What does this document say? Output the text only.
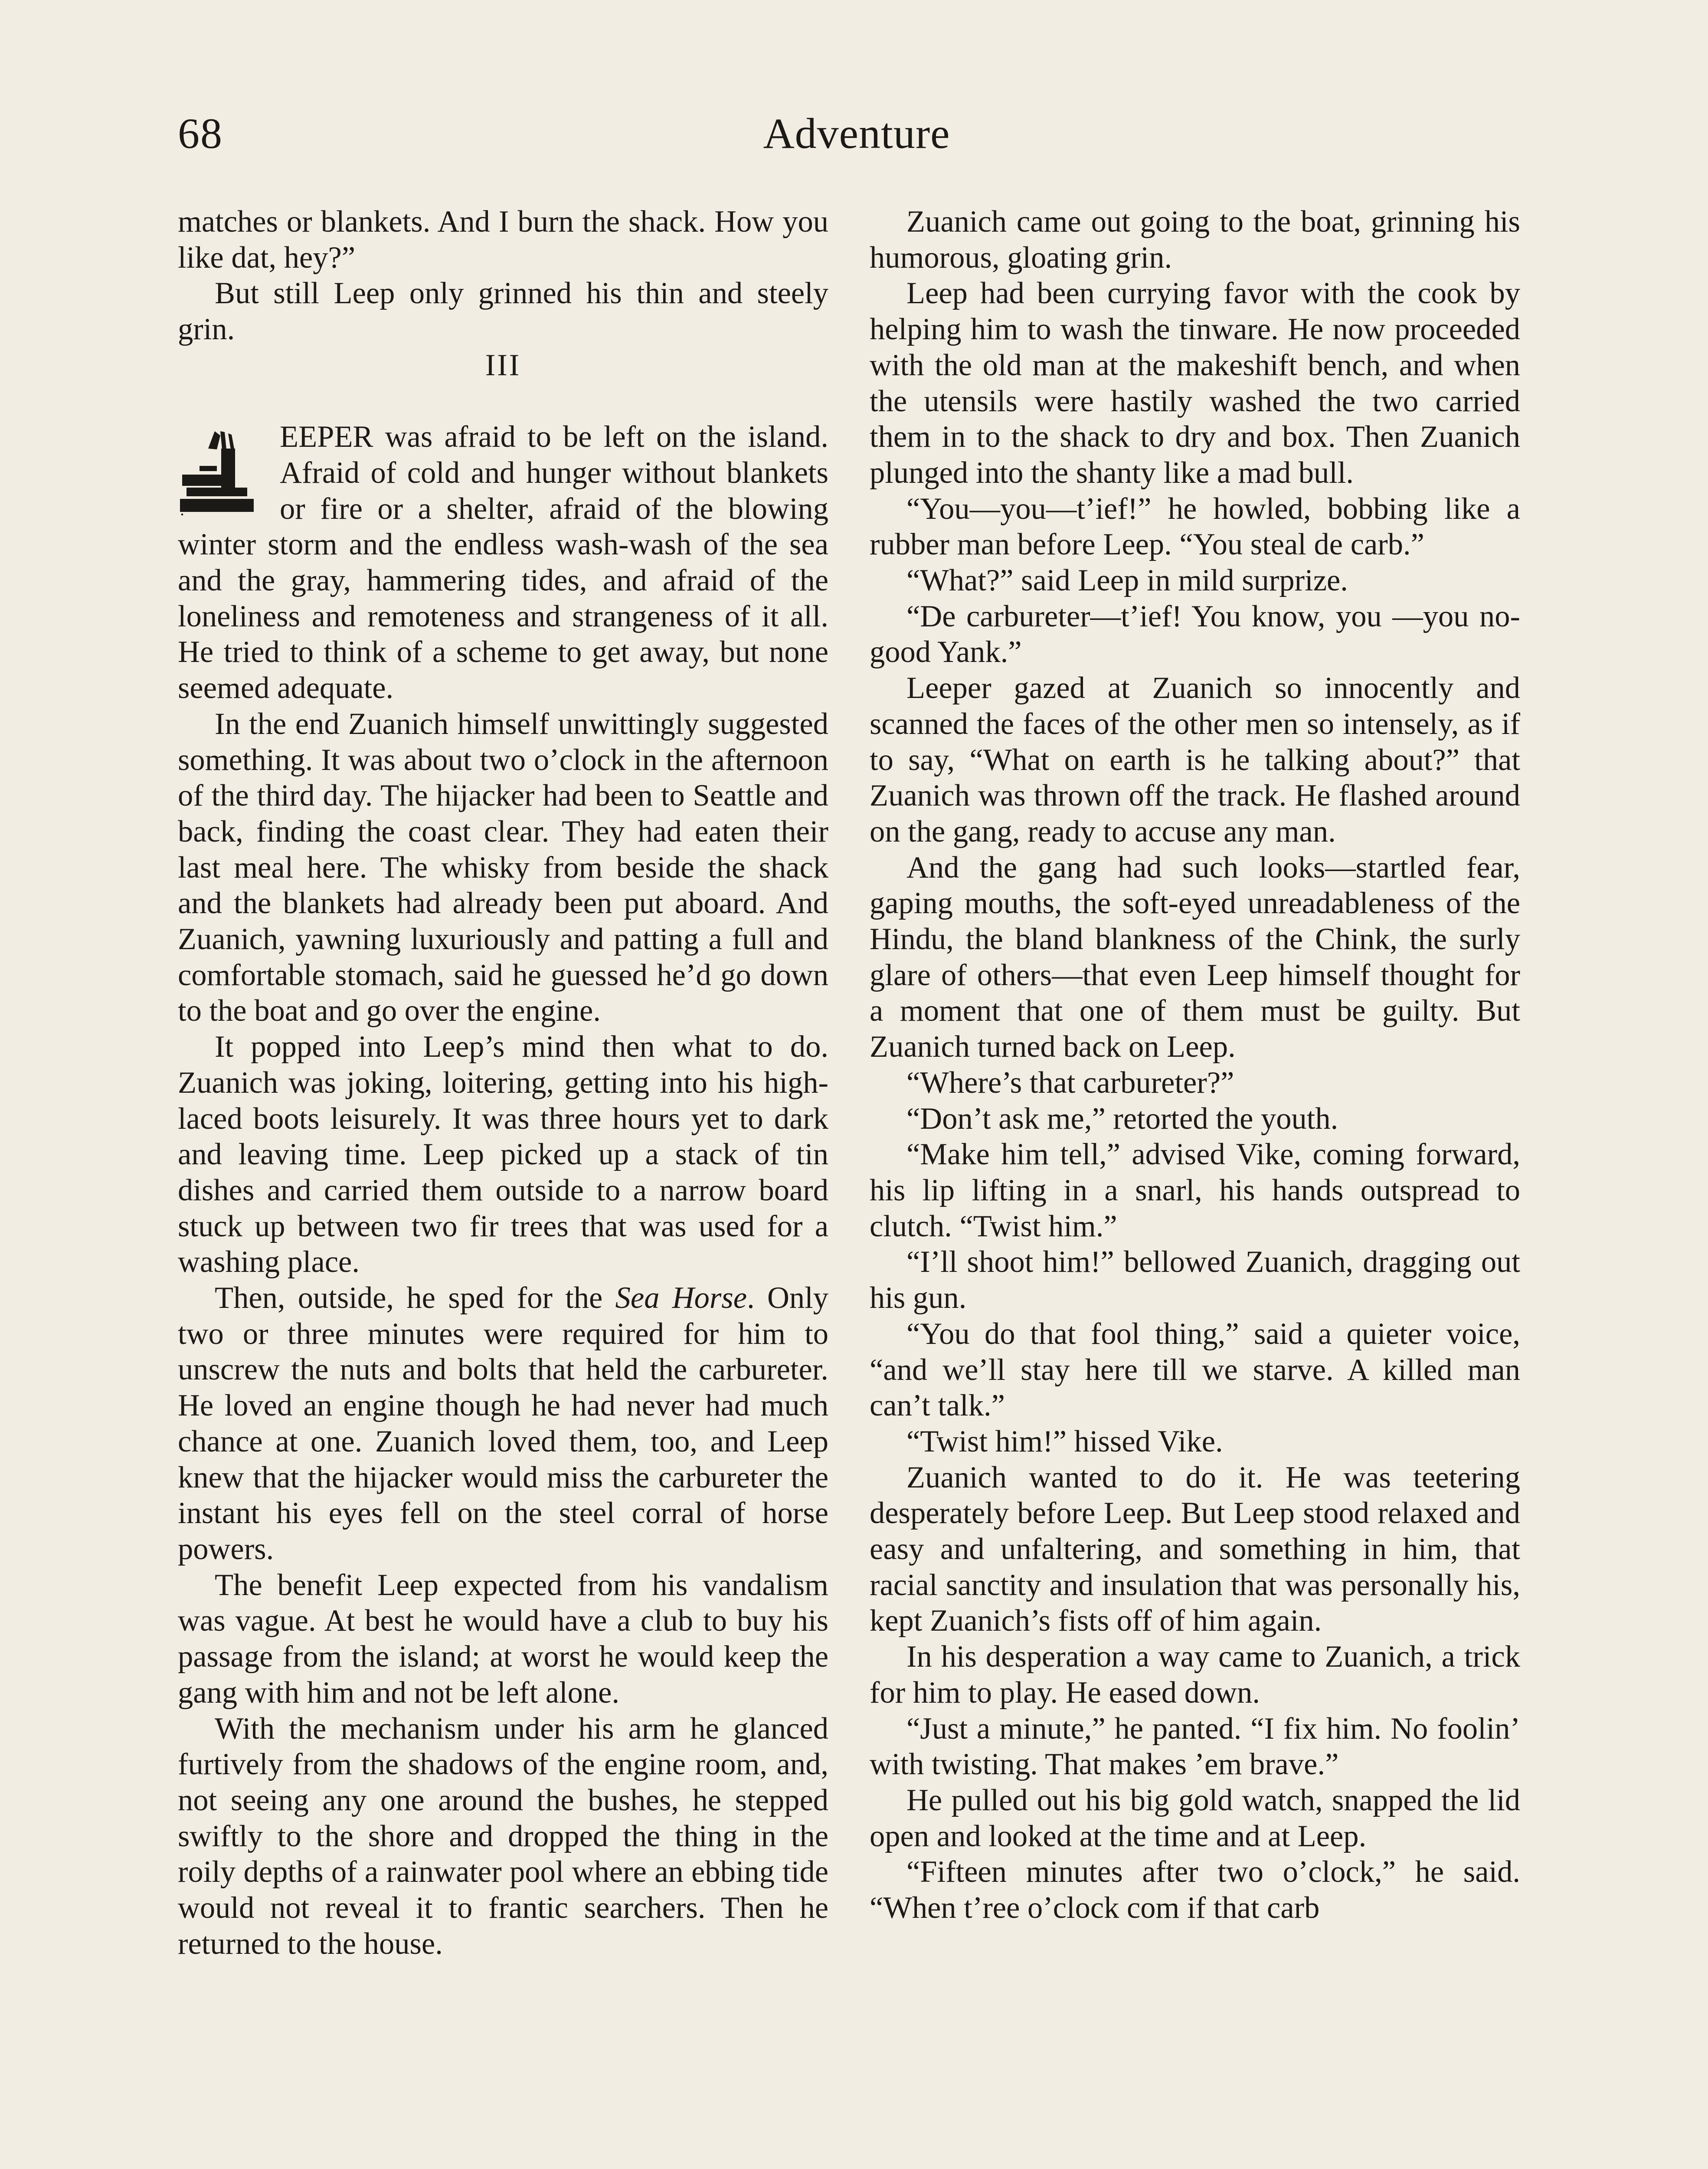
68	Adventure

matches or blankets. And I burn the shack. How you like dat, hey?”

But still Leep only grinned his thin and steely grin.

III

EEPER was afraid to be left on the island. Afraid of cold and hunger without blankets or fire or a shelter, afraid of the blowing winter storm and the endless wash-wash of the sea and the gray, hammering tides, and afraid of the loneliness and remoteness and strangeness of it all. He tried to think of a scheme to get away, but none seemed adequate.

In the end Zuanich himself unwittingly suggested something. It was about two o’clock in the afternoon of the third day. The hijacker had been to Seattle and back, finding the coast clear. They had eaten their last meal here. The whisky from beside the shack and the blankets had already been put aboard. And Zuanich, yawning luxuriously and patting a full and comfortable stomach, said he guessed he’d go down to the boat and go over the engine.

It popped into Leep’s mind then what to do. Zuanich was joking, loitering, getting into his high-laced boots leisurely. It was three hours yet to dark and leaving time. Leep picked up a stack of tin dishes and carried them outside to a narrow board stuck up between two fir trees that was used for a washing place.

Then, outside, he sped for the Sea Horse. Only two or three minutes were required for him to unscrew the nuts and bolts that held the carbureter. He loved an engine though he had never had much chance at one. Zuanich loved them, too, and Leep knew that the hijacker would miss the carbureter the instant his eyes fell on the steel corral of horse powers.

The benefit Leep expected from his vandalism was vague. At best he would have a club to buy his passage from the island; at worst he would keep the gang with him and not be left alone.

With the mechanism under his arm he glanced furtively from the shadows of the engine room, and, not seeing any one around the bushes, he stepped swiftly to the shore and dropped the thing in the roily depths of a rainwater pool where an ebbing tide would not reveal it to frantic searchers. Then he returned to the house.

Zuanich came out going to the boat, grinning his humorous, gloating grin.

Leep had been currying favor with the cook by helping him to wash the tinware. He now proceeded with the old man at the makeshift bench, and when the utensils were hastily washed the two carried them in to the shack to dry and box. Then Zuanich plunged into the shanty like a mad bull.

“You—you—t’ief!” he howled, bobbing like a rubber man before Leep. “You steal de carb.”

“What?” said Leep in mild surprize.

“De carbureter—t’ief! You know, you —you no-good Yank.”

Leeper gazed at Zuanich so innocently and scanned the faces of the other men so intensely, as if to say, “What on earth is he talking about?” that Zuanich was thrown off the track. He flashed around on the gang, ready to accuse any man.

And the gang had such looks—startled fear, gaping mouths, the soft-eyed unreadableness of the Hindu, the bland blankness of the Chink, the surly glare of others—that even Leep himself thought for a moment that one of them must be guilty. But Zuanich turned back on Leep.

“Where’s that carbureter?”

“Don’t ask me,” retorted the youth.

“Make him tell,” advised Vike, coming forward, his lip lifting in a snarl, his hands outspread to clutch. “Twist him.”

“I’ll shoot him!” bellowed Zuanich, dragging out his gun.

“You do that fool thing,” said a quieter voice, “and we’ll stay here till we starve. A killed man can’t talk.”

“Twist him!” hissed Vike.

Zuanich wanted to do it. He was teetering desperately before Leep. But Leep stood relaxed and easy and unfaltering, and something in him, that racial sanctity and insulation that was personally his, kept Zuanich’s fists off of him again.

In his desperation a way came to Zuanich, a trick for him to play. He eased down.

“Just a minute,” he panted. “I fix him. No foolin’ with twisting. That makes ’em brave.”

He pulled out his big gold watch, snapped the lid open and looked at the time and at Leep.

“Fifteen minutes after two o’clock,” he said. “When t’ree o’clock com if that carb
